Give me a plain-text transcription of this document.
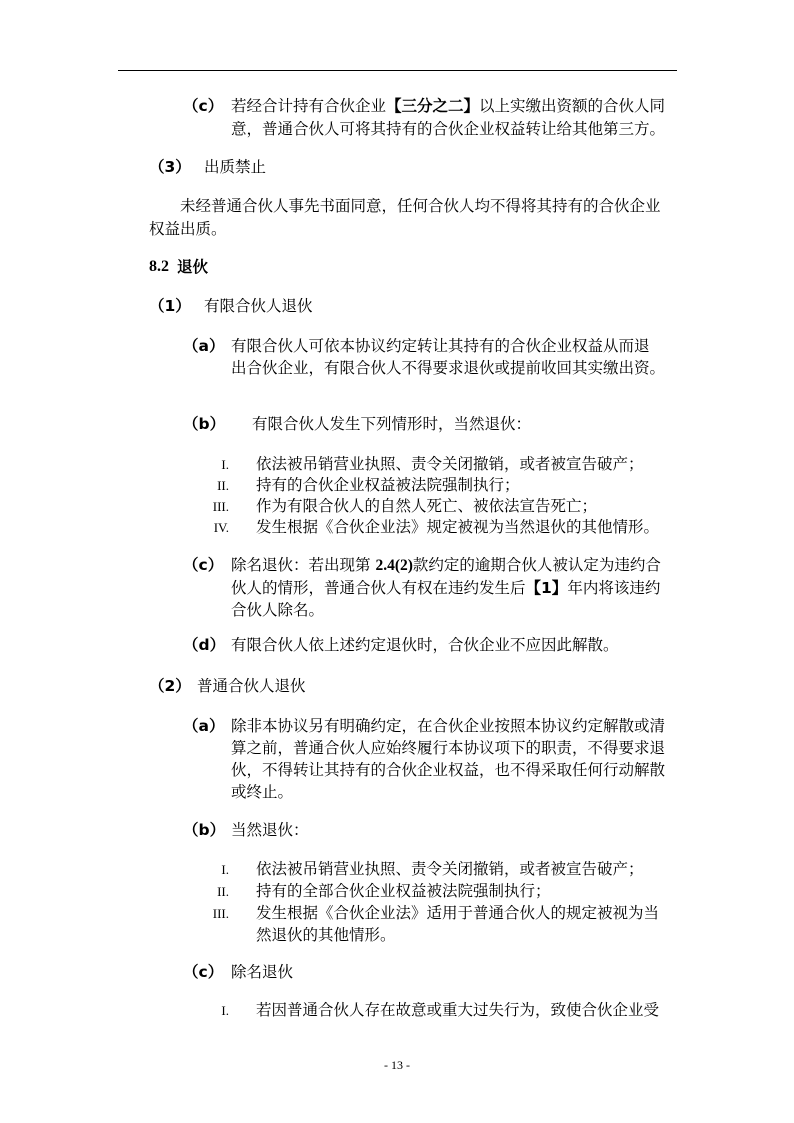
（c） 若经合计持有合伙企业【三分之二】以上实缴出资额的合伙人同
意，普通合伙人可将其持有的合伙企业权益转让给其他第三方。
（3） 出质禁止
未经普通合伙人事先书面同意，任何合伙人均不得将其持有的合伙企业
权益出质。
8.2 退伙
（1） 有限合伙人退伙
（a） 有限合伙人可依本协议约定转让其持有的合伙企业权益从而退
出合伙企业，有限合伙人不得要求退伙或提前收回其实缴出资。
（b） 有限合伙人发生下列情形时，当然退伙：
I. 依法被吊销营业执照、责令关闭撤销，或者被宣告破产；
II. 持有的合伙企业权益被法院强制执行；
III. 作为有限合伙人的自然人死亡、被依法宣告死亡；
IV. 发生根据《合伙企业法》规定被视为当然退伙的其他情形。
（c） 除名退伙：若出现第 2.4(2)款约定的逾期合伙人被认定为违约合
伙人的情形，普通合伙人有权在违约发生后【1】年内将该违约
合伙人除名。
（d） 有限合伙人依上述约定退伙时，合伙企业不应因此解散。
（2） 普通合伙人退伙
（a） 除非本协议另有明确约定，在合伙企业按照本协议约定解散或清
算之前，普通合伙人应始终履行本协议项下的职责，不得要求退
伙，不得转让其持有的合伙企业权益，也不得采取任何行动解散
或终止。
（b） 当然退伙：
I. 依法被吊销营业执照、责令关闭撤销，或者被宣告破产；
II. 持有的全部合伙企业权益被法院强制执行；
III. 发生根据《合伙企业法》适用于普通合伙人的规定被视为当
然退伙的其他情形。
（c） 除名退伙
I. 若因普通合伙人存在故意或重大过失行为，致使合伙企业受
- 13 -
